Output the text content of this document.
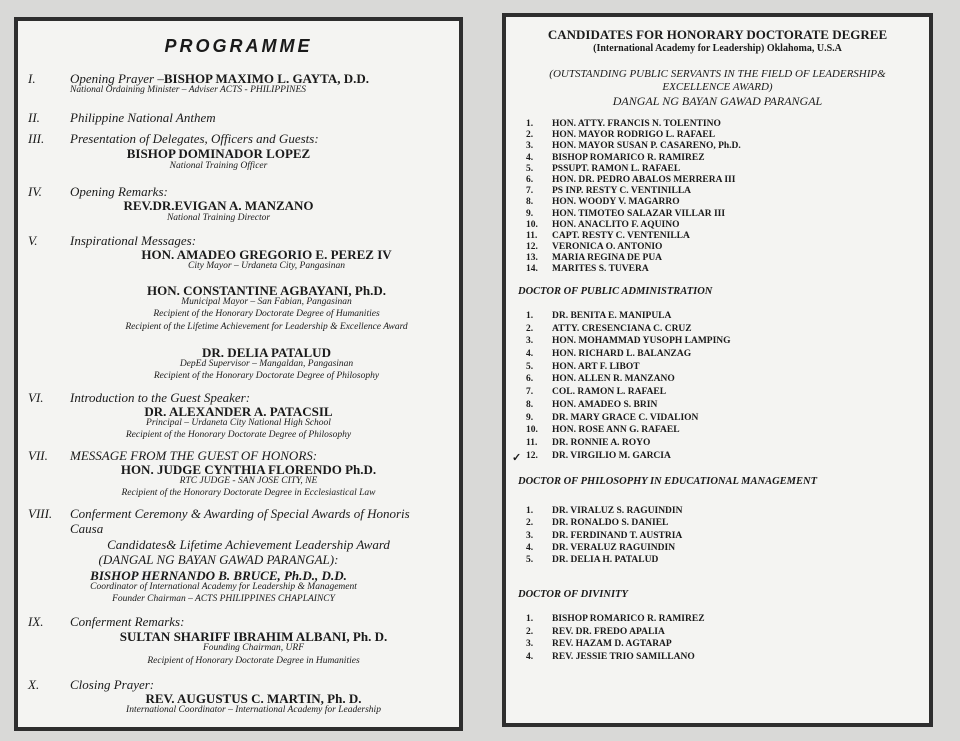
PROGRAMME
I.	Opening Prayer –BISHOP MAXIMO L. GAYTA, D.D.
National Ordaining Minister – Adviser ACTS - PHILIPPINES
II. Philippine National Anthem
III. Presentation of Delegates, Officers and Guests:
BISHOP DOMINADOR LOPEZ
National Training Officer
IV. Opening Remarks:
REV.DR.EVIGAN A. MANZANO
National Training Director
V. Inspirational Messages:
HON. AMADEO GREGORIO E. PEREZ IV
City Mayor – Urdaneta City, Pangasinan
HON. CONSTANTINE AGBAYANI, Ph.D.
Municipal Mayor – San Fabian, Pangasinan
Recipient of the Honorary Doctorate Degree of Humanities
Recipient of the Lifetime Achievement for Leadership & Excellence Award
DR. DELIA PATALUD
DepEd Supervisor – Mangaldan, Pangasinan
Recipient of the Honorary Doctorate Degree of Philosophy
VI. Introduction to the Guest Speaker:
DR. ALEXANDER A. PATACSIL
Principal – Urdaneta City National High School
Recipient of the Honorary Doctorate Degree of Philosophy
VII. MESSAGE FROM THE GUEST OF HONORS:
HON. JUDGE CYNTHIA FLORENDO Ph.D.
RTC JUDGE - SAN JOSE CITY, NE
Recipient of the Honorary Doctorate Degree in Ecclesiastical Law
VIII. Conferment Ceremony & Awarding of Special Awards of Honoris
Causa
Candidates& Lifetime Achievement Leadership Award
(DANGAL NG BAYAN GAWAD PARANGAL):
BISHOP HERNANDO B. BRUCE, Ph.D., D.D.
Coordinator of International Academy for Leadership & Management
Founder Chairman – ACTS PHILIPPINES CHAPLAINCY
IX. Conferment Remarks:
SULTAN SHARIFF IBRAHIM ALBANI, Ph. D.
Founding Chairman, URF
Recipient of Honorary Doctorate Degree in Humanities
X. Closing Prayer:
REV. AUGUSTUS C. MARTIN, Ph. D.
International Coordinator – International Academy for Leadership
CANDIDATES FOR HONORARY DOCTORATE DEGREE
(International Academy for Leadership) Oklahoma, U.S.A
(OUTSTANDING PUBLIC SERVANTS IN THE FIELD OF LEADERSHIP&
EXCELLENCE AWARD)
DANGAL NG BAYAN GAWAD PARANGAL
1.	HON. ATTY. FRANCIS N. TOLENTINO
2.	HON. MAYOR RODRIGO L. RAFAEL
3.	HON. MAYOR SUSAN P. CASARENO, Ph.D.
4.	BISHOP ROMARICO R. RAMIREZ
5.	PSSUPT. RAMON L. RAFAEL
6.	HON. DR. PEDRO ABALOS MERRERA III
7.	PS INP. RESTY C. VENTINILLA
8.	HON. WOODY V. MAGARRO
9.	HON. TIMOTEO SALAZAR VILLAR III
10.	HON. ANACLITO F. AQUINO
11.	CAPT. RESTY C. VENTENILLA
12.	VERONICA O. ANTONIO
13.	MARIA REGINA DE PUA
14.	MARITES S. TUVERA
DOCTOR OF PUBLIC ADMINISTRATION
1.	DR. BENITA E. MANIPULA
2.	ATTY. CRESENCIANA C. CRUZ
3.	HON. MOHAMMAD YUSOPH LAMPING
4.	HON. RICHARD L. BALANZAG
5.	HON. ART F. LIBOT
6.	HON. ALLEN R. MANZANO
7.	COL. RAMON L. RAFAEL
8.	HON. AMADEO S. BRIN
9.	DR. MARY GRACE C. VIDALION
10.	HON. ROSE ANN G. RAFAEL
11.	DR. RONNIE A. ROYO
✓ 12.	DR. VIRGILIO M. GARCIA
DOCTOR OF PHILOSOPHY IN EDUCATIONAL MANAGEMENT
1.	DR. VIRALUZ S. RAGUINDIN
2.	DR. RONALDO S. DANIEL
3.	DR. FERDINAND T. AUSTRIA
4.	DR. VERALUZ RAGUINDIN
5.	DR. DELIA H. PATALUD
DOCTOR OF DIVINITY
1.	BISHOP ROMARICO R. RAMIREZ
2.	REV. DR. FREDO APALIA
3.	REV. HAZAM D. AGTARAP
4.	REV. JESSIE TRIO SAMILLANO
